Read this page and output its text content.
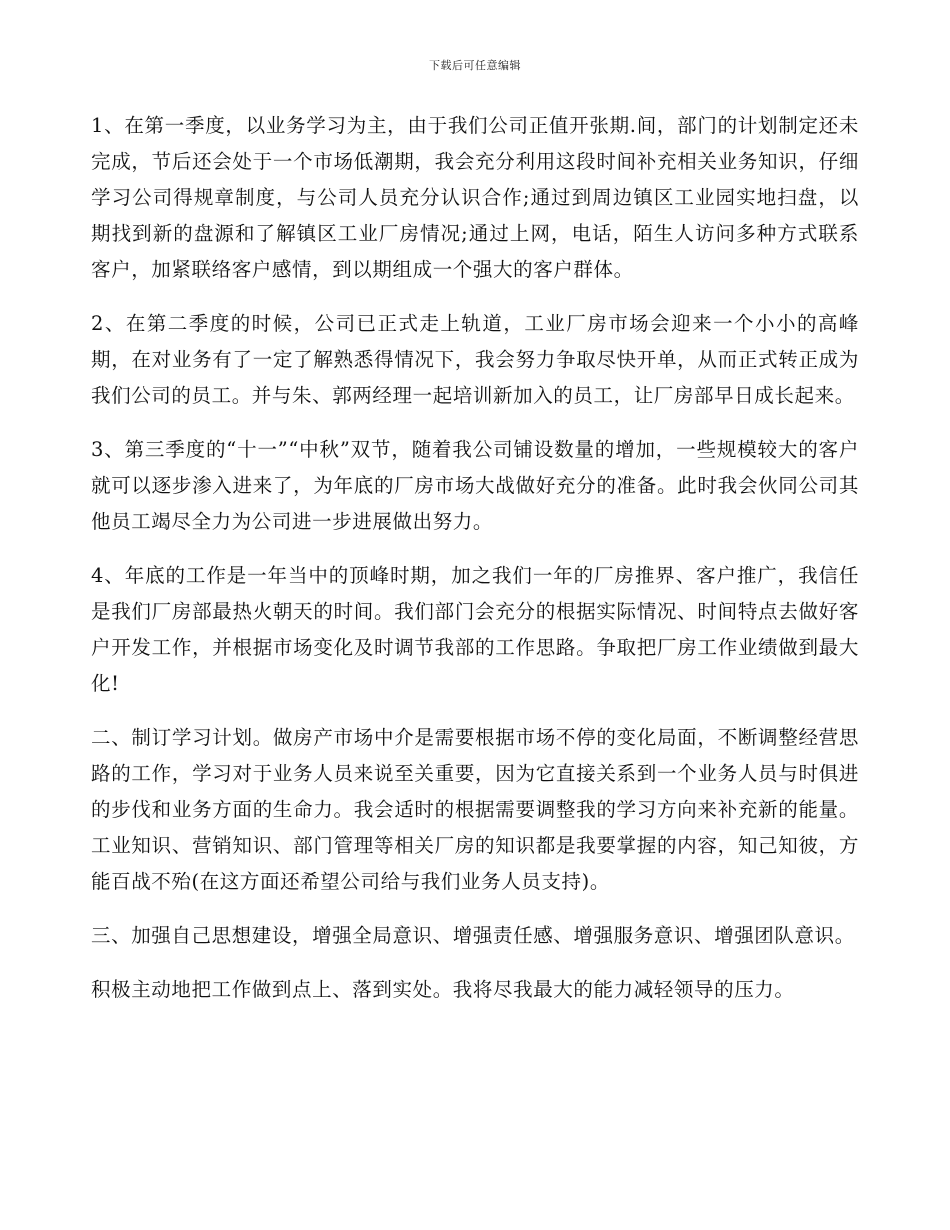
下载后可任意编辑

1、在第一季度，以业务学习为主，由于我们公司正值开张期.间，部门的计划制定还未完成，节后还会处于一个市场低潮期，我会充分利用这段时间补充相关业务知识，仔细学习公司得规章制度，与公司人员充分认识合作;通过到周边镇区工业园实地扫盘，以期找到新的盘源和了解镇区工业厂房情况;通过上网，电话，陌生人访问多种方式联系客户，加紧联络客户感情，到以期组成一个强大的客户群体。

2、在第二季度的时候，公司已正式走上轨道，工业厂房市场会迎来一个小小的高峰期，在对业务有了一定了解熟悉得情况下，我会努力争取尽快开单，从而正式转正成为我们公司的员工。并与朱、郭两经理一起培训新加入的员工，让厂房部早日成长起来。

3、第三季度的“十一”“中秋”双节，随着我公司铺设数量的增加，一些规模较大的客户就可以逐步渗入进来了，为年底的厂房市场大战做好充分的准备。此时我会伙同公司其他员工竭尽全力为公司进一步进展做出努力。

4、年底的工作是一年当中的顶峰时期，加之我们一年的厂房推界、客户推广，我信任是我们厂房部最热火朝天的时间。我们部门会充分的根据实际情况、时间特点去做好客户开发工作，并根据市场变化及时调节我部的工作思路。争取把厂房工作业绩做到最大化!

二、制订学习计划。做房产市场中介是需要根据市场不停的变化局面，不断调整经营思路的工作，学习对于业务人员来说至关重要，因为它直接关系到一个业务人员与时俱进的步伐和业务方面的生命力。我会适时的根据需要调整我的学习方向来补充新的能量。工业知识、营销知识、部门管理等相关厂房的知识都是我要掌握的内容，知己知彼，方能百战不殆(在这方面还希望公司给与我们业务人员支持)。

三、加强自己思想建设，增强全局意识、增强责任感、增强服务意识、增强团队意识。

积极主动地把工作做到点上、落到实处。我将尽我最大的能力减轻领导的压力。
